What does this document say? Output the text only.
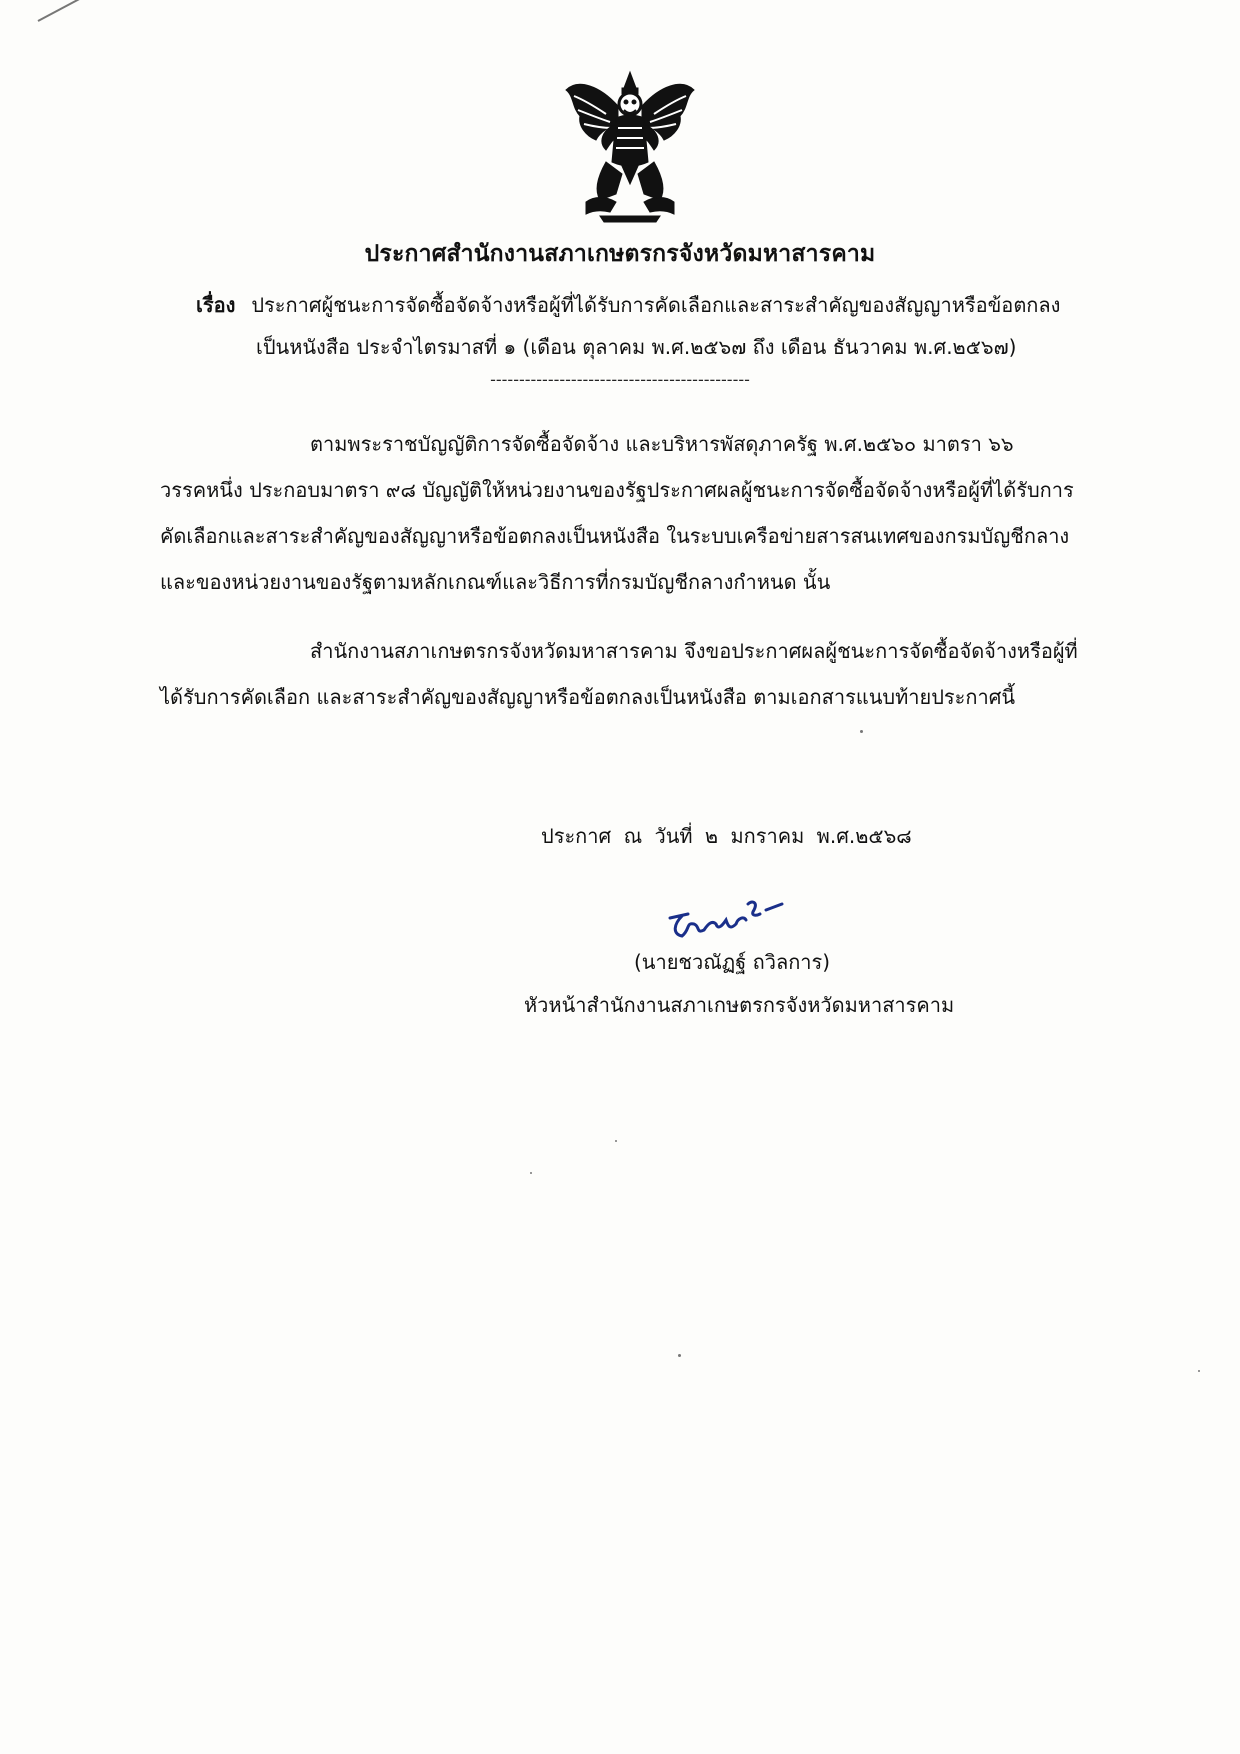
ประกาศสำนักงานสภาเกษตรกรจังหวัดมหาสารคาม
เรื่อง ประกาศผู้ชนะการจัดซื้อจัดจ้างหรือผู้ที่ได้รับการคัดเลือกและสาระสำคัญของสัญญาหรือข้อตกลง
เป็นหนังสือ ประจำไตรมาสที่ ๑ (เดือน ตุลาคม พ.ศ.๒๕๖๗ ถึง เดือน ธันวาคม พ.ศ.๒๕๖๗)
---------------------------------------------
ตามพระราชบัญญัติการจัดซื้อจัดจ้าง และบริหารพัสดุภาครัฐ พ.ศ.๒๕๖๐ มาตรา ๖๖
วรรคหนึ่ง ประกอบมาตรา ๙๘ บัญญัติให้หน่วยงานของรัฐประกาศผลผู้ชนะการจัดซื้อจัดจ้างหรือผู้ที่ได้รับการ
คัดเลือกและสาระสำคัญของสัญญาหรือข้อตกลงเป็นหนังสือ ในระบบเครือข่ายสารสนเทศของกรมบัญชีกลาง
และของหน่วยงานของรัฐตามหลักเกณฑ์และวิธีการที่กรมบัญชีกลางกำหนด นั้น
สำนักงานสภาเกษตรกรจังหวัดมหาสารคาม จึงขอประกาศผลผู้ชนะการจัดซื้อจัดจ้างหรือผู้ที่
ได้รับการคัดเลือก และสาระสำคัญของสัญญาหรือข้อตกลงเป็นหนังสือ ตามเอกสารแนบท้ายประกาศนี้
ประกาศ ณ วันที่ ๒ มกราคม พ.ศ.๒๕๖๘
(นายชวณัฏฐ์ ถวิลการ)
หัวหน้าสำนักงานสภาเกษตรกรจังหวัดมหาสารคาม
